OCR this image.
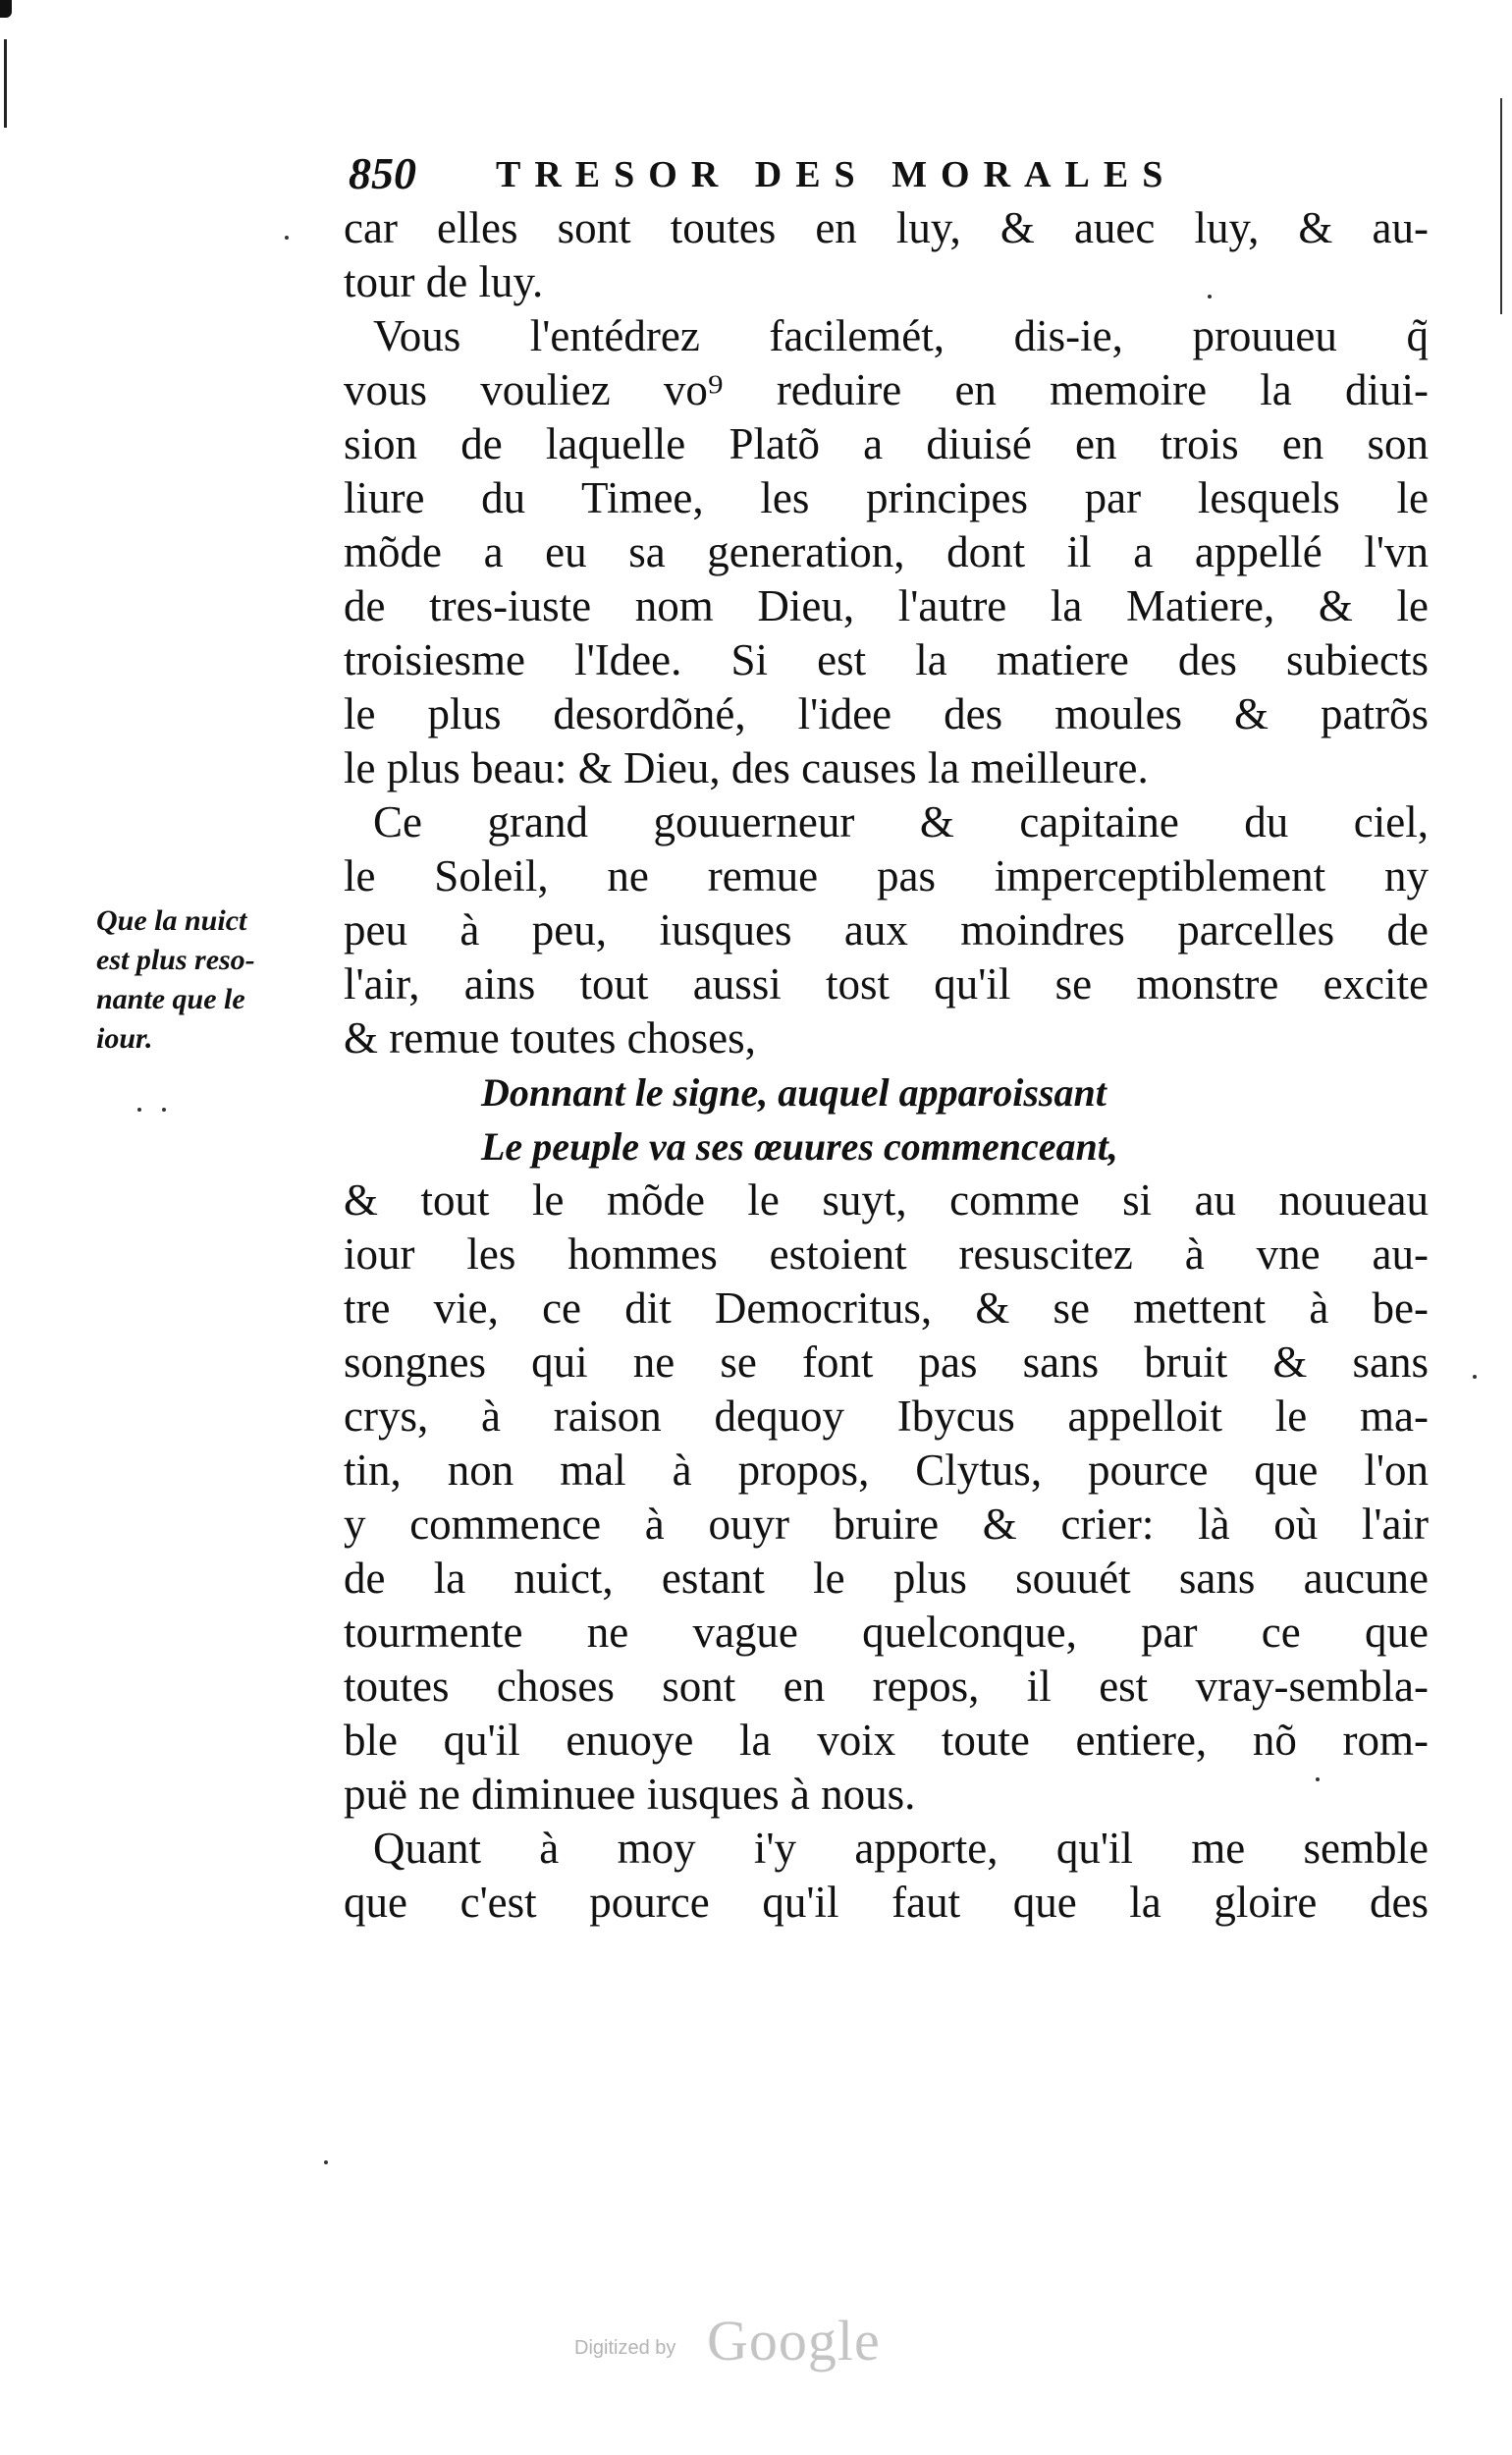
850 TRESOR DES MORALES
Que la nuict
est plus reso-
nante que le
iour.
car elles sont toutes en luy, & auec luy, & au-
tour de luy.
Vous l'entédrez facilemét, dis-ie, prouueu q̃
vous vouliez vo⁹ reduire en memoire la diui-
sion de laquelle Platõ a diuisé en trois en son
liure du Timee, les principes par lesquels le
mõde a eu sa generation, dont il a appellé l'vn
de tres-iuste nom Dieu, l'autre la Matiere, & le
troisiesme l'Idee. Si est la matiere des subiects
le plus desordõné, l'idee des moules & patrõs
le plus beau: & Dieu, des causes la meilleure.
Ce grand gouuerneur & capitaine du ciel,
le Soleil, ne remue pas imperceptiblement ny
peu à peu, iusques aux moindres parcelles de
l'air, ains tout aussi tost qu'il se monstre excite
& remue toutes choses,
Donnant le signe, auquel apparoissant
Le peuple va ses œuures commenceant,
& tout le mõde le suyt, comme si au nouueau
iour les hommes estoient resuscitez à vne au-
tre vie, ce dit Democritus, & se mettent à be-
songnes qui ne se font pas sans bruit & sans
crys, à raison dequoy Ibycus appelloit le ma-
tin, non mal à propos, Clytus, pource que l'on
y commence à ouyr bruire & crier: là où l'air
de la nuict, estant le plus souuét sans aucune
tourmente ne vague quelconque, par ce que
toutes choses sont en repos, il est vray-sembla-
ble qu'il enuoye la voix toute entiere, nõ rom-
puë ne diminuee iusques à nous.
Quant à moy i'y apporte, qu'il me semble
que c'est pource qu'il faut que la gloire des
Digitized by Google
